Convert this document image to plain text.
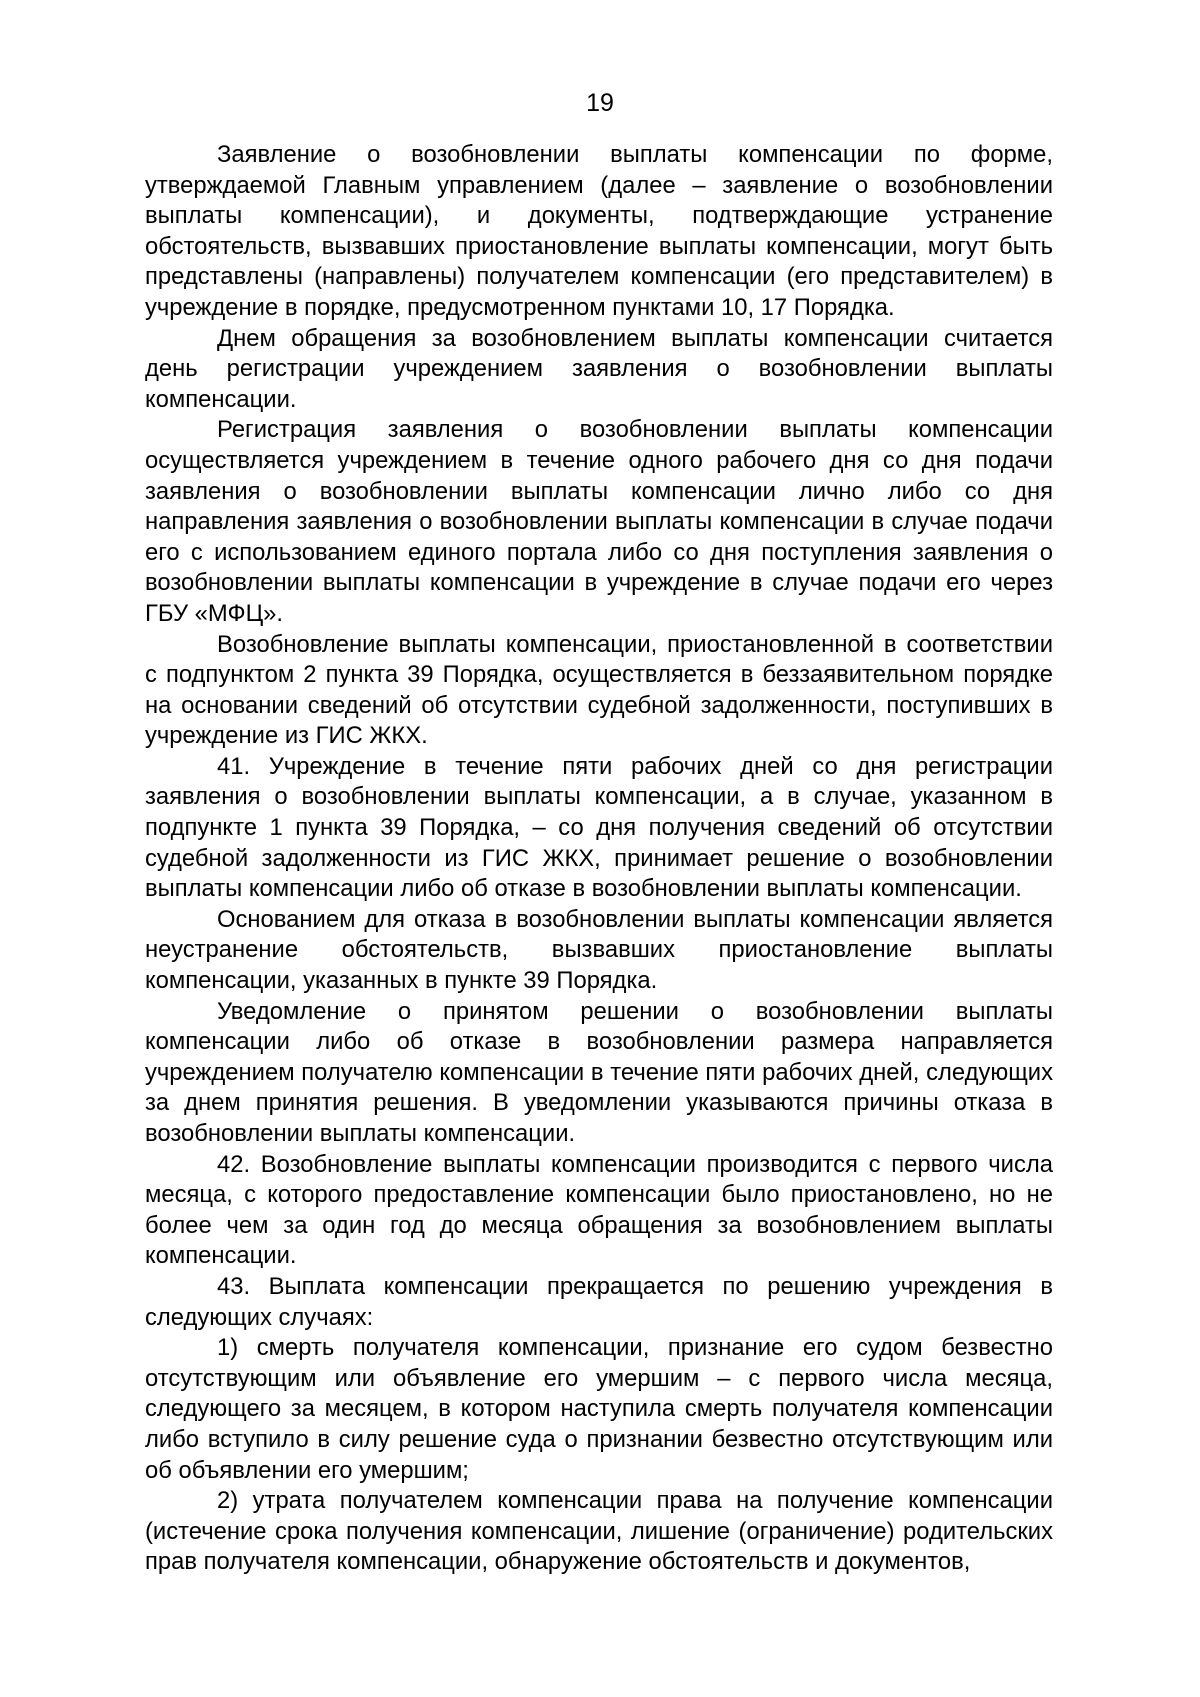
19

Заявление о возобновлении выплаты компенсации по форме, утверждаемой Главным управлением (далее – заявление о возобновлении выплаты компенсации), и документы, подтверждающие устранение обстоятельств, вызвавших приостановление выплаты компенсации, могут быть представлены (направлены) получателем компенсации (его представителем) в учреждение в порядке, предусмотренном пунктами 10, 17 Порядка.

Днем обращения за возобновлением выплаты компенсации считается день регистрации учреждением заявления о возобновлении выплаты компенсации.

Регистрация заявления о возобновлении выплаты компенсации осуществляется учреждением в течение одного рабочего дня со дня подачи заявления о возобновлении выплаты компенсации лично либо со дня направления заявления о возобновлении выплаты компенсации в случае подачи его с использованием единого портала либо со дня поступления заявления о возобновлении выплаты компенсации в учреждение в случае подачи его через ГБУ «МФЦ».

Возобновление выплаты компенсации, приостановленной в соответствии с подпунктом 2 пункта 39 Порядка, осуществляется в беззаявительном порядке на основании сведений об отсутствии судебной задолженности, поступивших в учреждение из ГИС ЖКХ.

41. Учреждение в течение пяти рабочих дней со дня регистрации заявления о возобновлении выплаты компенсации, а в случае, указанном в подпункте 1 пункта 39 Порядка, – со дня получения сведений об отсутствии судебной задолженности из ГИС ЖКХ, принимает решение о возобновлении выплаты компенсации либо об отказе в возобновлении выплаты компенсации.

Основанием для отказа в возобновлении выплаты компенсации является неустранение обстоятельств, вызвавших приостановление выплаты компенсации, указанных в пункте 39 Порядка.

Уведомление о принятом решении о возобновлении выплаты компенсации либо об отказе в возобновлении размера направляется учреждением получателю компенсации в течение пяти рабочих дней, следующих за днем принятия решения. В уведомлении указываются причины отказа в возобновлении выплаты компенсации.

42. Возобновление выплаты компенсации производится с первого числа месяца, с которого предоставление компенсации было приостановлено, но не более чем за один год до месяца обращения за возобновлением выплаты компенсации.

43. Выплата компенсации прекращается по решению учреждения в следующих случаях:

1) смерть получателя компенсации, признание его судом безвестно отсутствующим или объявление его умершим – с первого числа месяца, следующего за месяцем, в котором наступила смерть получателя компенсации либо вступило в силу решение суда о признании безвестно отсутствующим или об объявлении его умершим;

2) утрата получателем компенсации права на получение компенсации (истечение срока получения компенсации, лишение (ограничение) родительских прав получателя компенсации, обнаружение обстоятельств и документов,
